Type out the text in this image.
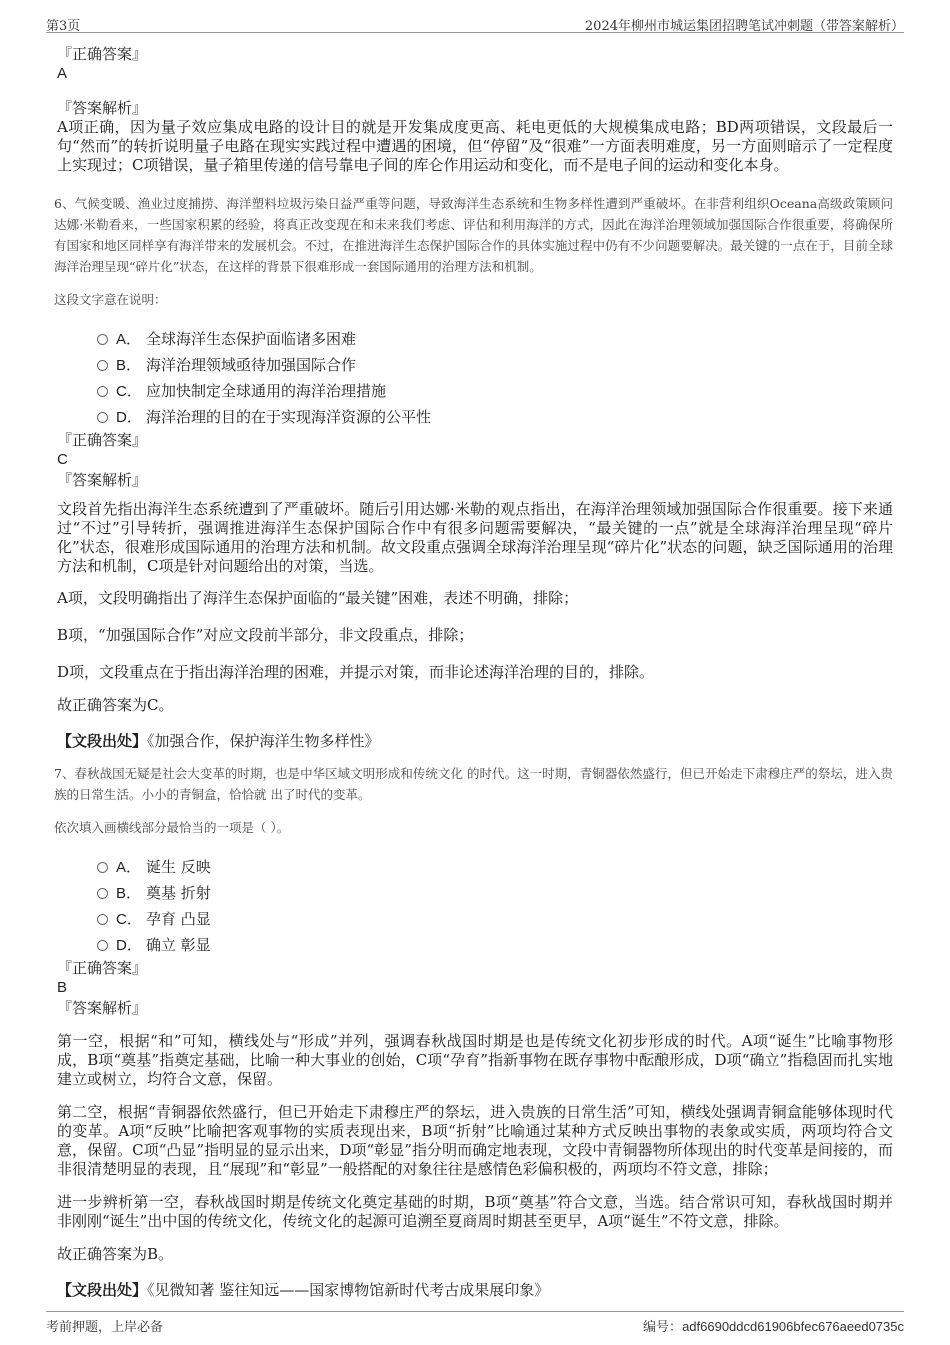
第3页	2024年柳州市城运集团招聘笔试冲刺题（带答案解析）

『正确答案』

A

『答案解析』

A项正确，因为量子效应集成电路的设计目的就是开发集成度更高、耗电更低的大规模集成电路；BD两项错误，文段最后一句“然而”的转折说明量子电路在现实实践过程中遭遇的困境，但“停留”及“很难”一方面表明难度，另一方面则暗示了一定程度上实现过；C项错误，量子箱里传递的信号靠电子间的库仑作用运动和变化，而不是电子间的运动和变化本身。

6、气候变暖、渔业过度捕捞、海洋塑料垃圾污染日益严重等问题，导致海洋生态系统和生物多样性遭到严重破坏。在非营利组织Oceana高级政策顾问达娜·米勒看来，一些国家积累的经验，将真正改变现在和未来我们考虑、评估和利用海洋的方式，因此在海洋治理领域加强国际合作很重要，将确保所有国家和地区同样享有海洋带来的发展机会。不过，在推进海洋生态保护国际合作的具体实施过程中仍有不少问题要解决。最关键的一点在于，目前全球海洋治理呈现“碎片化”状态，在这样的背景下很难形成一套国际通用的治理方法和机制。

这段文字意在说明：

A． 全球海洋生态保护面临诸多困难
B． 海洋治理领域亟待加强国际合作
C． 应加快制定全球通用的海洋治理措施
D． 海洋治理的目的在于实现海洋资源的公平性

『正确答案』

C

『答案解析』

文段首先指出海洋生态系统遭到了严重破坏。随后引用达娜·米勒的观点指出，在海洋治理领域加强国际合作很重要。接下来通过“不过”引导转折，强调推进海洋生态保护国际合作中有很多问题需要解决，“最关键的一点”就是全球海洋治理呈现“碎片化”状态，很难形成国际通用的治理方法和机制。故文段重点强调全球海洋治理呈现“碎片化”状态的问题，缺乏国际通用的治理方法和机制，C项是针对问题给出的对策，当选。

A项，文段明确指出了海洋生态保护面临的“最关键”困难，表述不明确，排除；

B项，“加强国际合作”对应文段前半部分，非文段重点，排除；

D项，文段重点在于指出海洋治理的困难，并提示对策，而非论述海洋治理的目的，排除。

故正确答案为C。

【文段出处】《加强合作，保护海洋生物多样性》

7、春秋战国无疑是社会大变革的时期，也是中华区域文明形成和传统文化 的时代。这一时期，青铜器依然盛行，但已开始走下肃穆庄严的祭坛，进入贵族的日常生活。小小的青铜盒，恰恰就 出了时代的变革。

依次填入画横线部分最恰当的一项是（ ）。

A． 诞生 反映
B． 奠基 折射
C． 孕育 凸显
D． 确立 彰显

『正确答案』

B

『答案解析』

第一空，根据“和”可知，横线处与“形成”并列，强调春秋战国时期是也是传统文化初步形成的时代。A项“诞生”比喻事物形成，B项“奠基”指奠定基础，比喻一种大事业的创始，C项“孕育”指新事物在既存事物中酝酿形成，D项“确立”指稳固而扎实地建立或树立，均符合文意，保留。

第二空，根据“青铜器依然盛行，但已开始走下肃穆庄严的祭坛，进入贵族的日常生活”可知，横线处强调青铜盒能够体现时代的变革。A项“反映”比喻把客观事物的实质表现出来，B项“折射”比喻通过某种方式反映出事物的表象或实质，两项均符合文意，保留。C项“凸显”指明显的显示出来，D项“彰显”指分明而确定地表现，文段中青铜器物所体现出的时代变革是间接的，而非很清楚明显的表现，且“展现”和“彰显”一般搭配的对象往往是感情色彩偏积极的，两项均不符文意，排除；

进一步辨析第一空，春秋战国时期是传统文化奠定基础的时期，B项“奠基”符合文意，当选。结合常识可知，春秋战国时期并非刚刚“诞生”出中国的传统文化，传统文化的起源可追溯至夏商周时期甚至更早，A项“诞生”不符文意，排除。

故正确答案为B。

【文段出处】《见微知著 鉴往知远——国家博物馆新时代考古成果展印象》

考前押题，上岸必备	编号：adf6690ddcd61906bfec676aeed0735c
